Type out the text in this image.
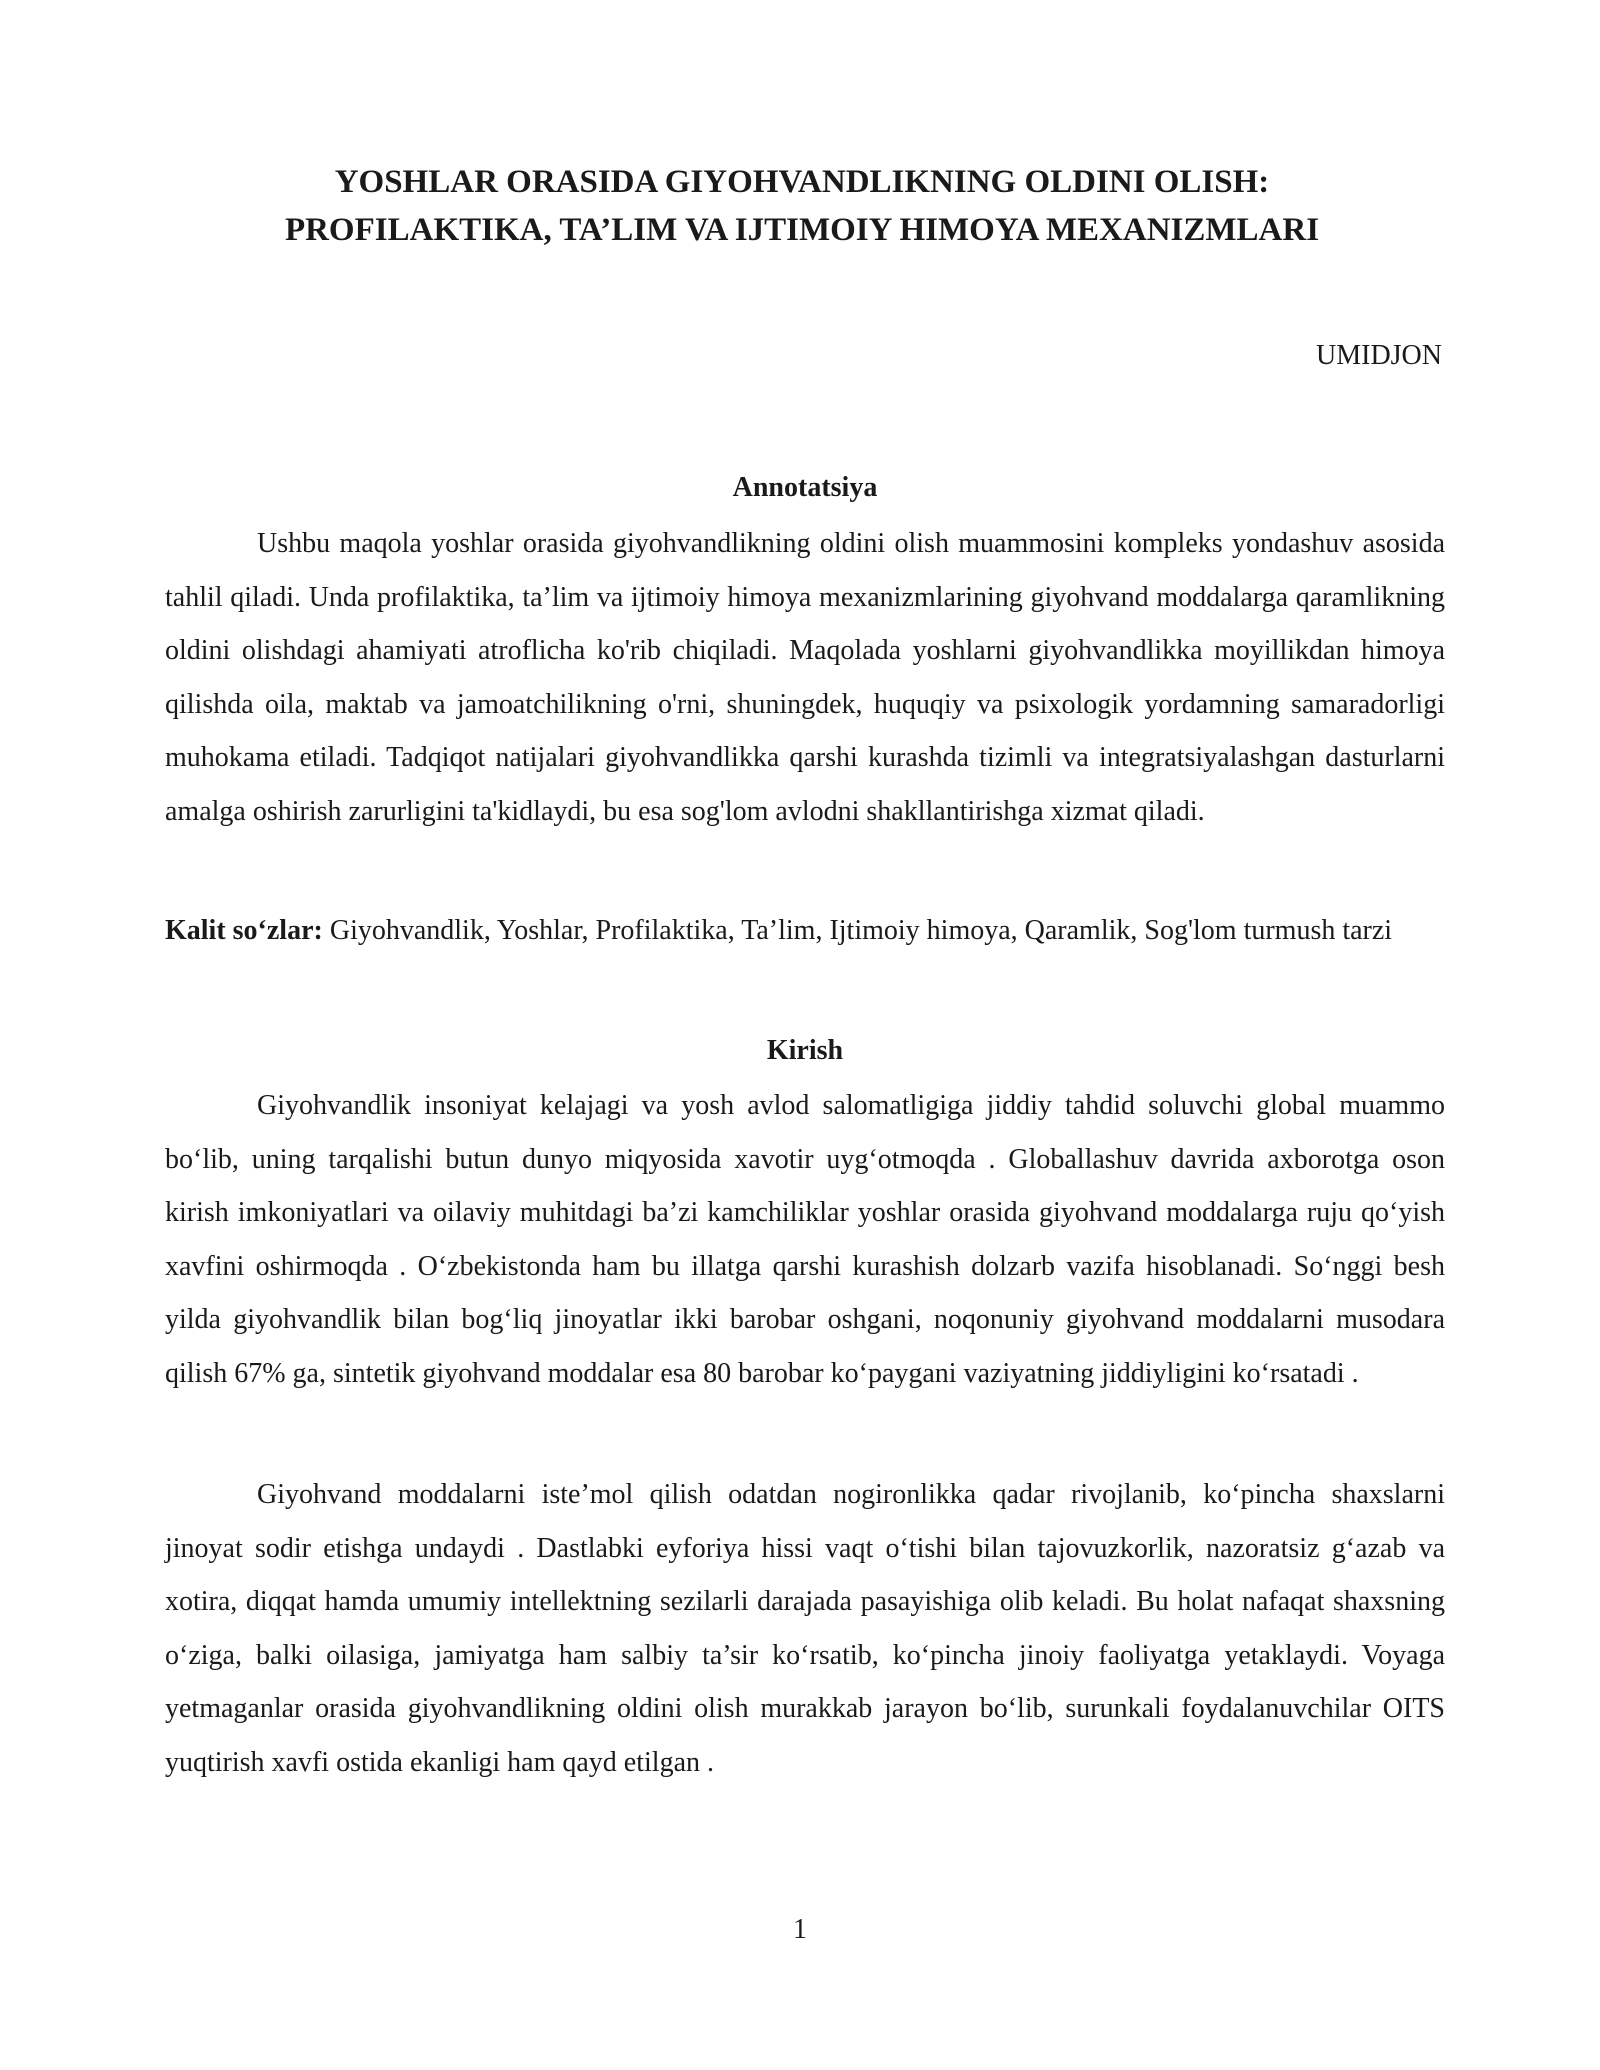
YOSHLAR ORASIDA GIYOHVANDLIKNING OLDINI OLISH:
PROFILAKTIKA, TA’LIM VA IJTIMOIY HIMOYA MEXANIZMLARI

UMIDJON

Annotatsiya

Ushbu maqola yoshlar orasida giyohvandlikning oldini olish muammosini kompleks yondashuv asosida tahlil qiladi. Unda profilaktika, ta’lim va ijtimoiy himoya mexanizmlarining giyohvand moddalarga qaramlikning oldini olishdagi ahamiyati atroflicha ko'rib chiqiladi. Maqolada yoshlarni giyohvandlikka moyillikdan himoya qilishda oila, maktab va jamoatchilikning o'rni, shuningdek, huquqiy va psixologik yordamning samaradorligi muhokama etiladi. Tadqiqot natijalari giyohvandlikka qarshi kurashda tizimli va integratsiyalashgan dasturlarni amalga oshirish zarurligini ta'kidlaydi, bu esa sog'lom avlodni shakllantirishga xizmat qiladi.

Kalit so‘zlar: Giyohvandlik, Yoshlar, Profilaktika, Ta’lim, Ijtimoiy himoya, Qaramlik, Sog'lom turmush tarzi

Kirish

Giyohvandlik insoniyat kelajagi va yosh avlod salomatligiga jiddiy tahdid soluvchi global muammo bo‘lib, uning tarqalishi butun dunyo miqyosida xavotir uyg‘otmoqda . Globallashuv davrida axborotga oson kirish imkoniyatlari va oilaviy muhitdagi ba’zi kamchiliklar yoshlar orasida giyohvand moddalarga ruju qo‘yish xavfini oshirmoqda . O‘zbekistonda ham bu illatga qarshi kurashish dolzarb vazifa hisoblanadi. So‘nggi besh yilda giyohvandlik bilan bog‘liq jinoyatlar ikki barobar oshgani, noqonuniy giyohvand moddalarni musodara qilish 67% ga, sintetik giyohvand moddalar esa 80 barobar ko‘paygani vaziyatning jiddiyligini ko‘rsatadi .

Giyohvand moddalarni iste’mol qilish odatdan nogironlikka qadar rivojlanib, ko‘pincha shaxslarni jinoyat sodir etishga undaydi . Dastlabki eyforiya hissi vaqt o‘tishi bilan tajovuzkorlik, nazoratsiz g‘azab va xotira, diqqat hamda umumiy intellektning sezilarli darajada pasayishiga olib keladi. Bu holat nafaqat shaxsning o‘ziga, balki oilasiga, jamiyatga ham salbiy ta’sir ko‘rsatib, ko‘pincha jinoiy faoliyatga yetaklaydi. Voyaga yetmaganlar orasida giyohvandlikning oldini olish murakkab jarayon bo‘lib, surunkali foydalanuvchilar OITS yuqtirish xavfi ostida ekanligi ham qayd etilgan .

1
